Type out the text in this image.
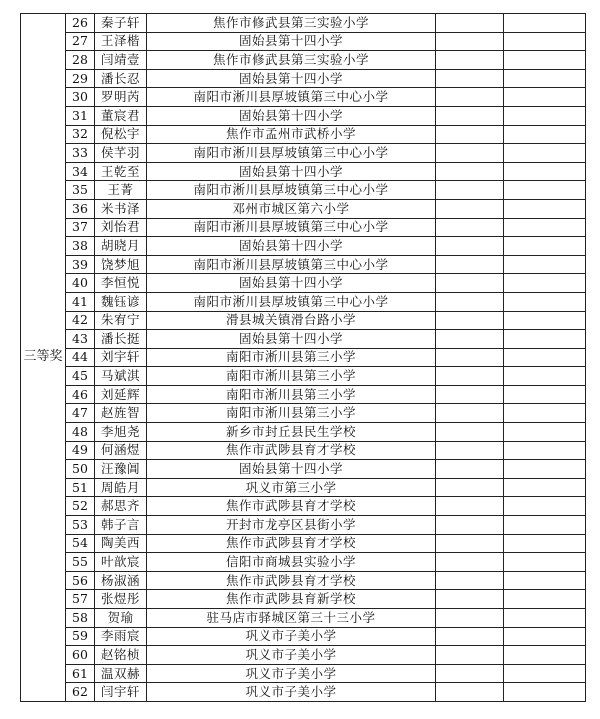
三等奖	26	秦子轩	焦作市修武县第三实验小学		
	27	王泽楷	固始县第十四小学		
	28	闫靖壹	焦作市修武县第三实验小学		
	29	潘长忍	固始县第十四小学		
	30	罗明芮	南阳市淅川县厚坡镇第三中心小学		
	31	董宸君	固始县第十四小学		
	32	倪松宇	焦作市孟州市武桥小学		
	33	侯芊羽	南阳市淅川县厚坡镇第三中心小学		
	34	王乾至	固始县第十四小学		
	35	王菁	南阳市淅川县厚坡镇第三中心小学		
	36	米书泽	邓州市城区第六小学		
	37	刘怡君	南阳市淅川县厚坡镇第三中心小学		
	38	胡晓月	固始县第十四小学		
	39	饶梦旭	南阳市淅川县厚坡镇第三中心小学		
	40	李恒悦	固始县第十四小学		
	41	魏钰谚	南阳市淅川县厚坡镇第三中心小学		
	42	朱宥宁	滑县城关镇滑台路小学		
	43	潘长挺	固始县第十四小学		
	44	刘宇轩	南阳市淅川县第三小学		
	45	马斌淇	南阳市淅川县第三小学		
	46	刘延辉	南阳市淅川县第三小学		
	47	赵旌智	南阳市淅川县第三小学		
	48	李旭尧	新乡市封丘县民生学校		
	49	何涵煜	焦作市武陟县育才学校		
	50	汪豫阊	固始县第十四小学		
	51	周皓月	巩义市第三小学		
	52	郝思齐	焦作市武陟县育才学校		
	53	韩子言	开封市龙亭区县街小学		
	54	陶美西	焦作市武陟县育才学校		
	55	叶歆宸	信阳市商城县实验小学		
	56	杨淑涵	焦作市武陟县育才学校		
	57	张煜彤	焦作市武陟县育新学校		
	58	贺瑜	驻马店市驿城区第三十三小学		
	59	李雨宸	巩义市子美小学		
	60	赵铭桢	巩义市子美小学		
	61	温双赫	巩义市子美小学		
	62	闫宇轩	巩义市子美小学		
